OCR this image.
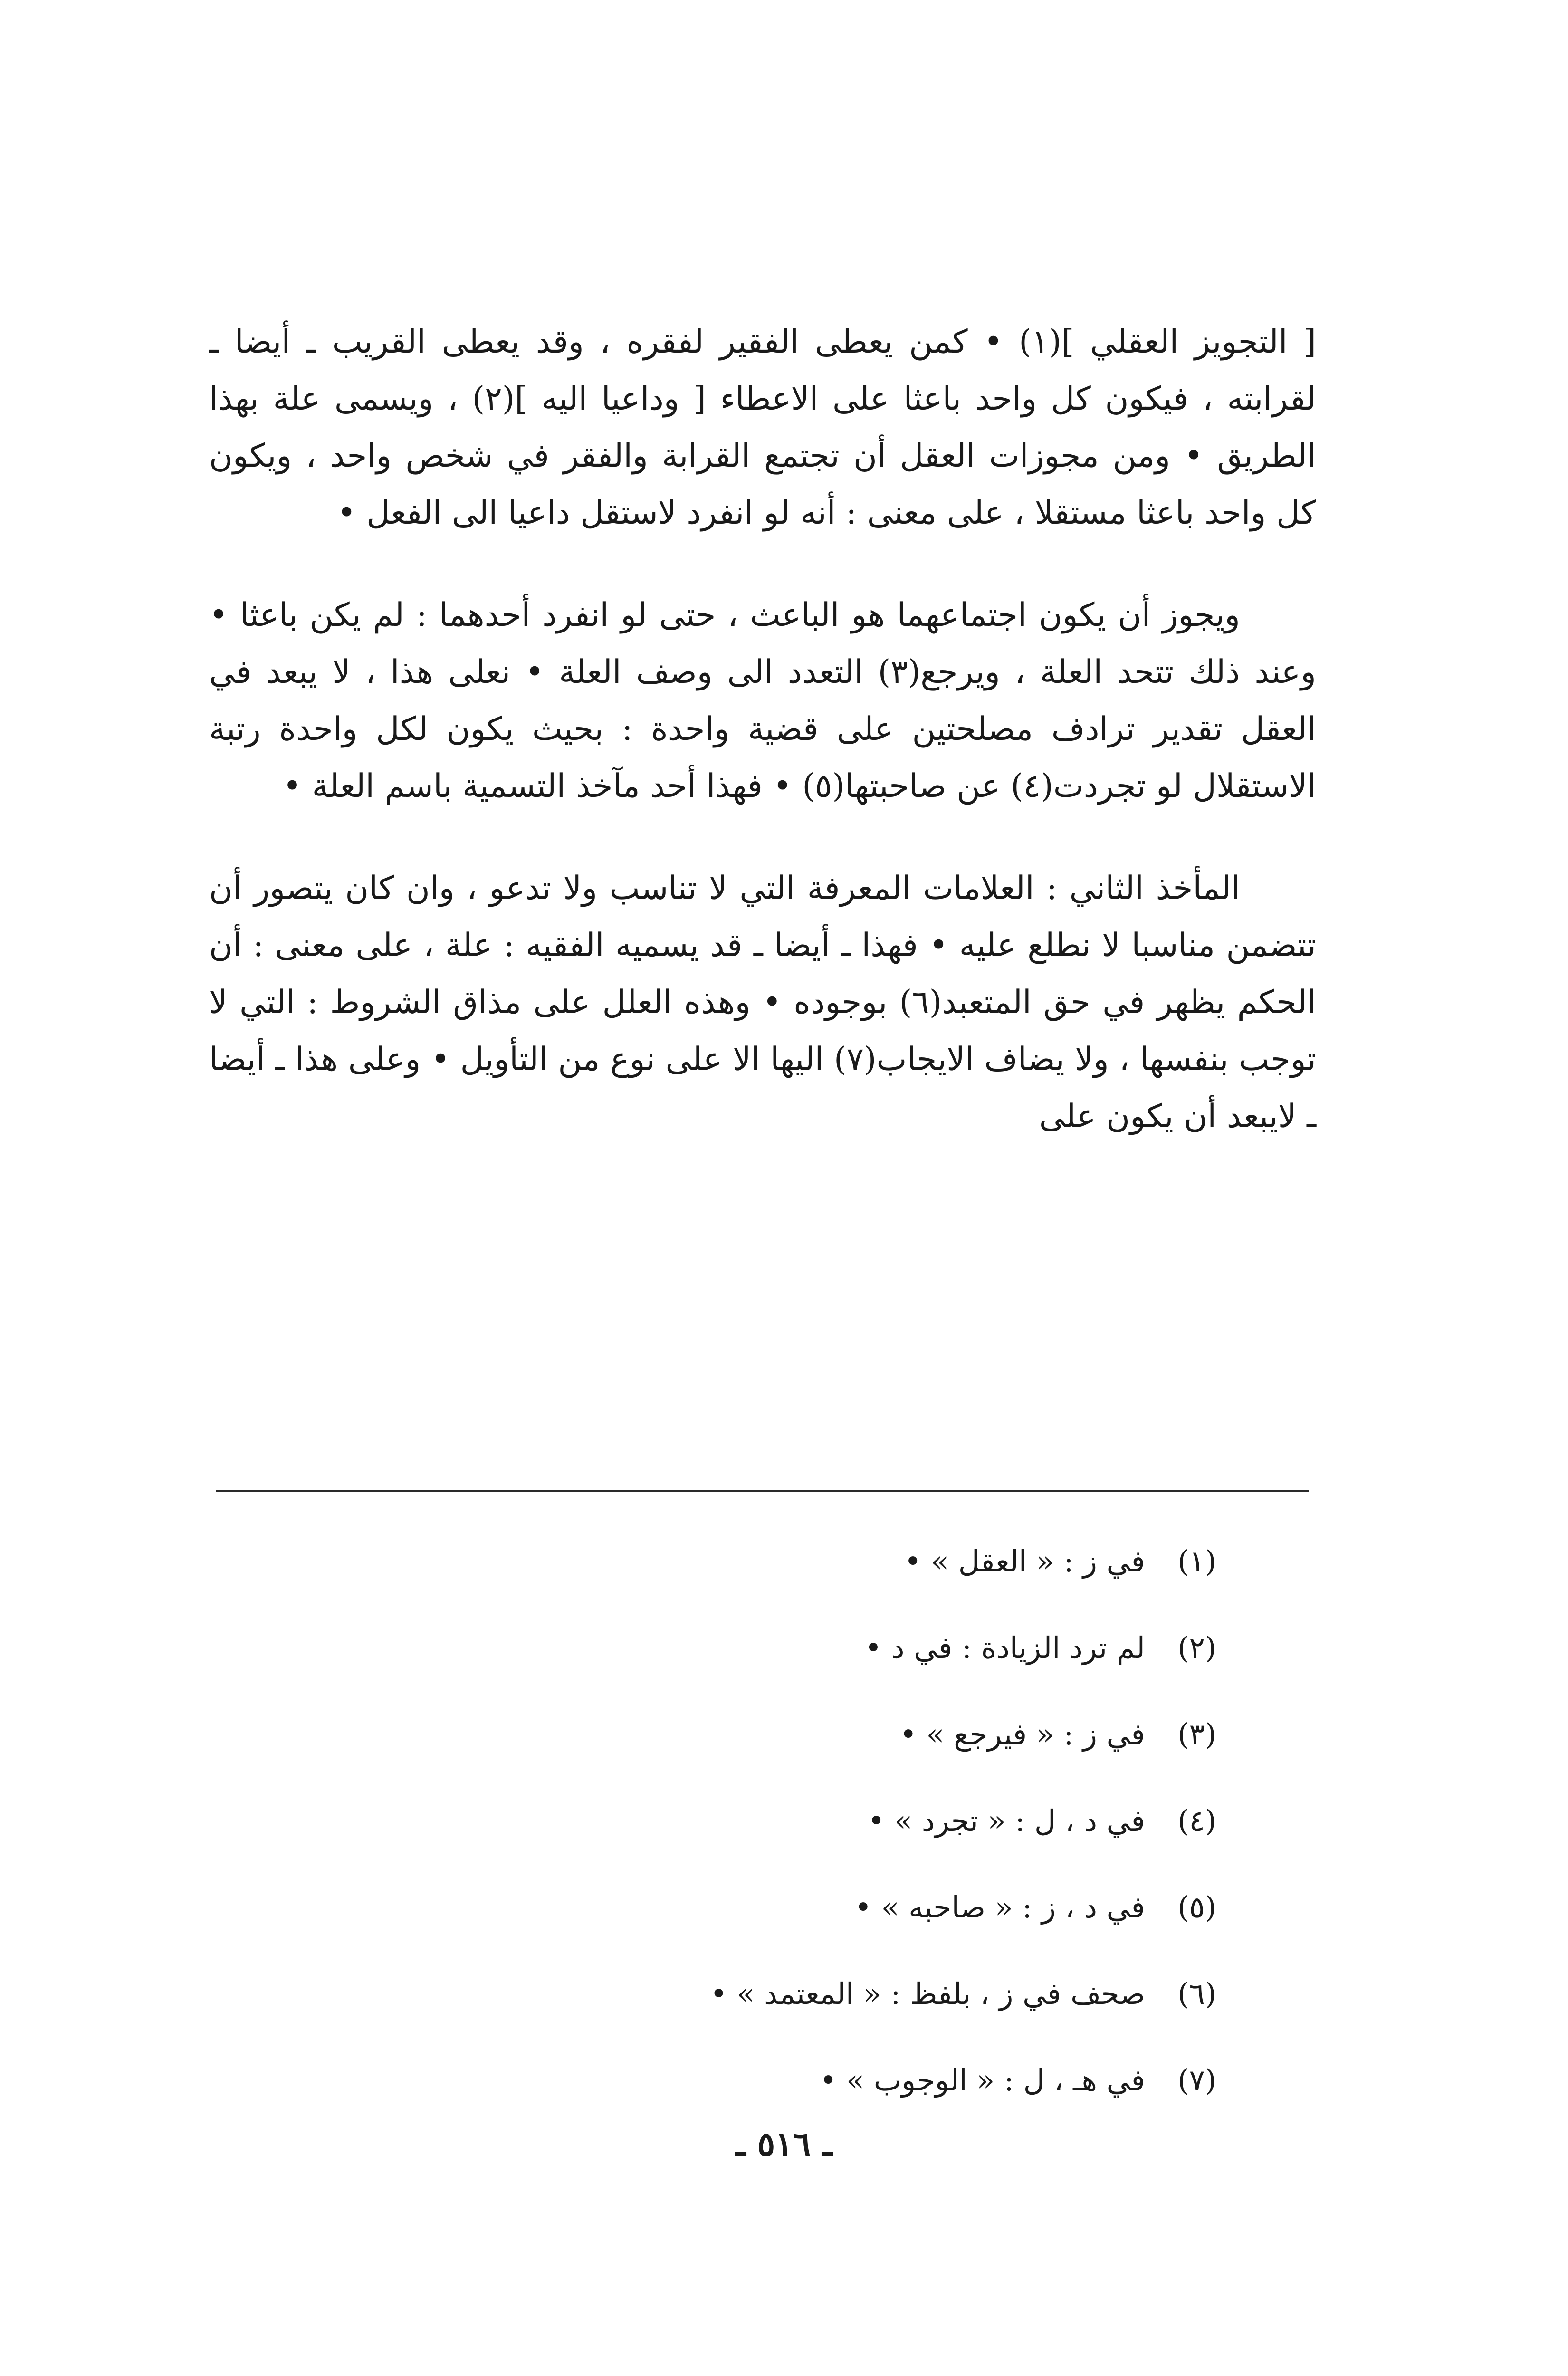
[ التجويز العقلي ](١) • كمن يعطى الفقير لفقره ، وقد يعطى القريب ـ أيضا ـ لقرابته ، فيكون كل واحد باعثا على الاعطاء [ وداعيا اليه ](٢) ، ويسمى علة بهذا الطريق • ومن مجوزات العقل أن تجتمع القرابة والفقر في شخص واحد ، ويكون كل واحد باعثا مستقلا ، على معنى : أنه لو انفرد لاستقل داعيا الى الفعل •

ويجوز أن يكون اجتماعهما هو الباعث ، حتى لو انفرد أحدهما : لم يكن باعثا • وعند ذلك تتحد العلة ، ويرجع(٣) التعدد الى وصف العلة • نعلى هذا ، لا يبعد في العقل تقدير ترادف مصلحتين على قضية واحدة : بحيث يكون لكل واحدة رتبة الاستقلال لو تجردت(٤) عن صاحبتها(٥) • فهذا أحد مآخذ التسمية باسم العلة •

المأخذ الثاني : العلامات المعرفة التي لا تناسب ولا تدعو ، وان كان يتصور أن تتضمن مناسبا لا نطلع عليه • فهذا ـ أيضا ـ قد يسميه الفقيه : علة ، على معنى : أن الحكم يظهر في حق المتعبد(٦) بوجوده • وهذه العلل على مذاق الشروط : التي لا توجب بنفسها ، ولا يضاف الايجاب(٧) اليها الا على نوع من التأويل • وعلى هذا ـ أيضا ـ لايبعد أن يكون على

(١)
في ز : « العقل » •
(٢)
لم ترد الزيادة : في د •
(٣)
في ز : « فيرجع » •
(٤)
في د ، ل : « تجرد » •
(٥)
في د ، ز : « صاحبه » •
(٦)
صحف في ز ، بلفظ : « المعتمد » •
(٧)
في هـ ، ل : « الوجوب » •
ـ ٥١٦ ـ
